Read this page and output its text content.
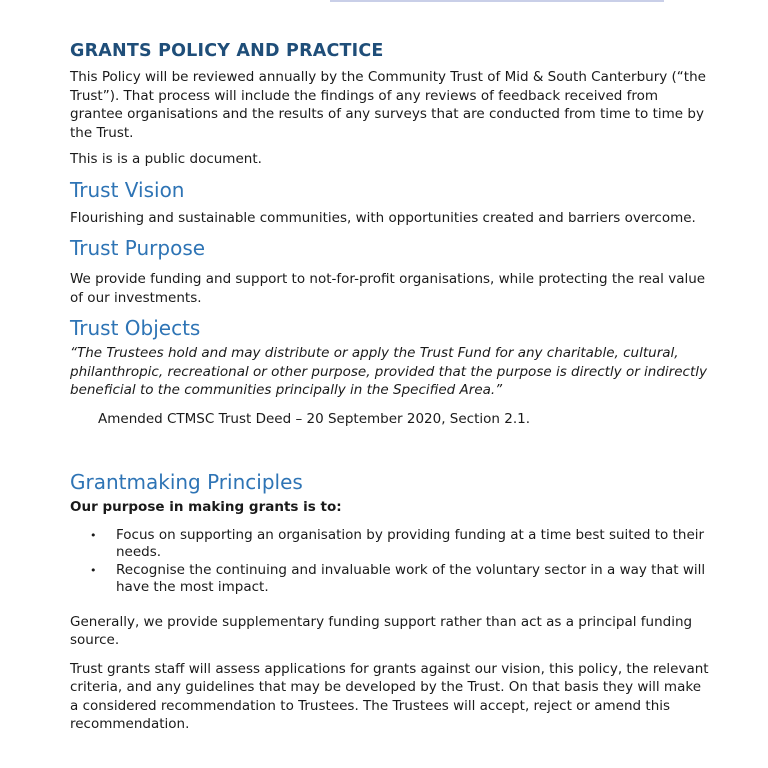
GRANTS POLICY AND PRACTICE

This Policy will be reviewed annually by the Community Trust of Mid & South Canterbury (“the Trust”). That process will include the findings of any reviews of feedback received from grantee organisations and the results of any surveys that are conducted from time to time by the Trust.

This is is a public document.

Trust Vision

Flourishing and sustainable communities, with opportunities created and barriers overcome.

Trust Purpose

We provide funding and support to not-for-profit organisations, while protecting the real value of our investments.

Trust Objects

“The Trustees hold and may distribute or apply the Trust Fund for any charitable, cultural, philanthropic, recreational or other purpose, provided that the purpose is directly or indirectly beneficial to the communities principally in the Specified Area.”

Amended CTMSC Trust Deed – 20 September 2020, Section 2.1.

Grantmaking Principles

Our purpose in making grants is to:

• Focus on supporting an organisation by providing funding at a time best suited to their needs.
• Recognise the continuing and invaluable work of the voluntary sector in a way that will have the most impact.

Generally, we provide supplementary funding support rather than act as a principal funding source.

Trust grants staff will assess applications for grants against our vision, this policy, the relevant criteria, and any guidelines that may be developed by the Trust. On that basis they will make a considered recommendation to Trustees. The Trustees will accept, reject or amend this recommendation.
